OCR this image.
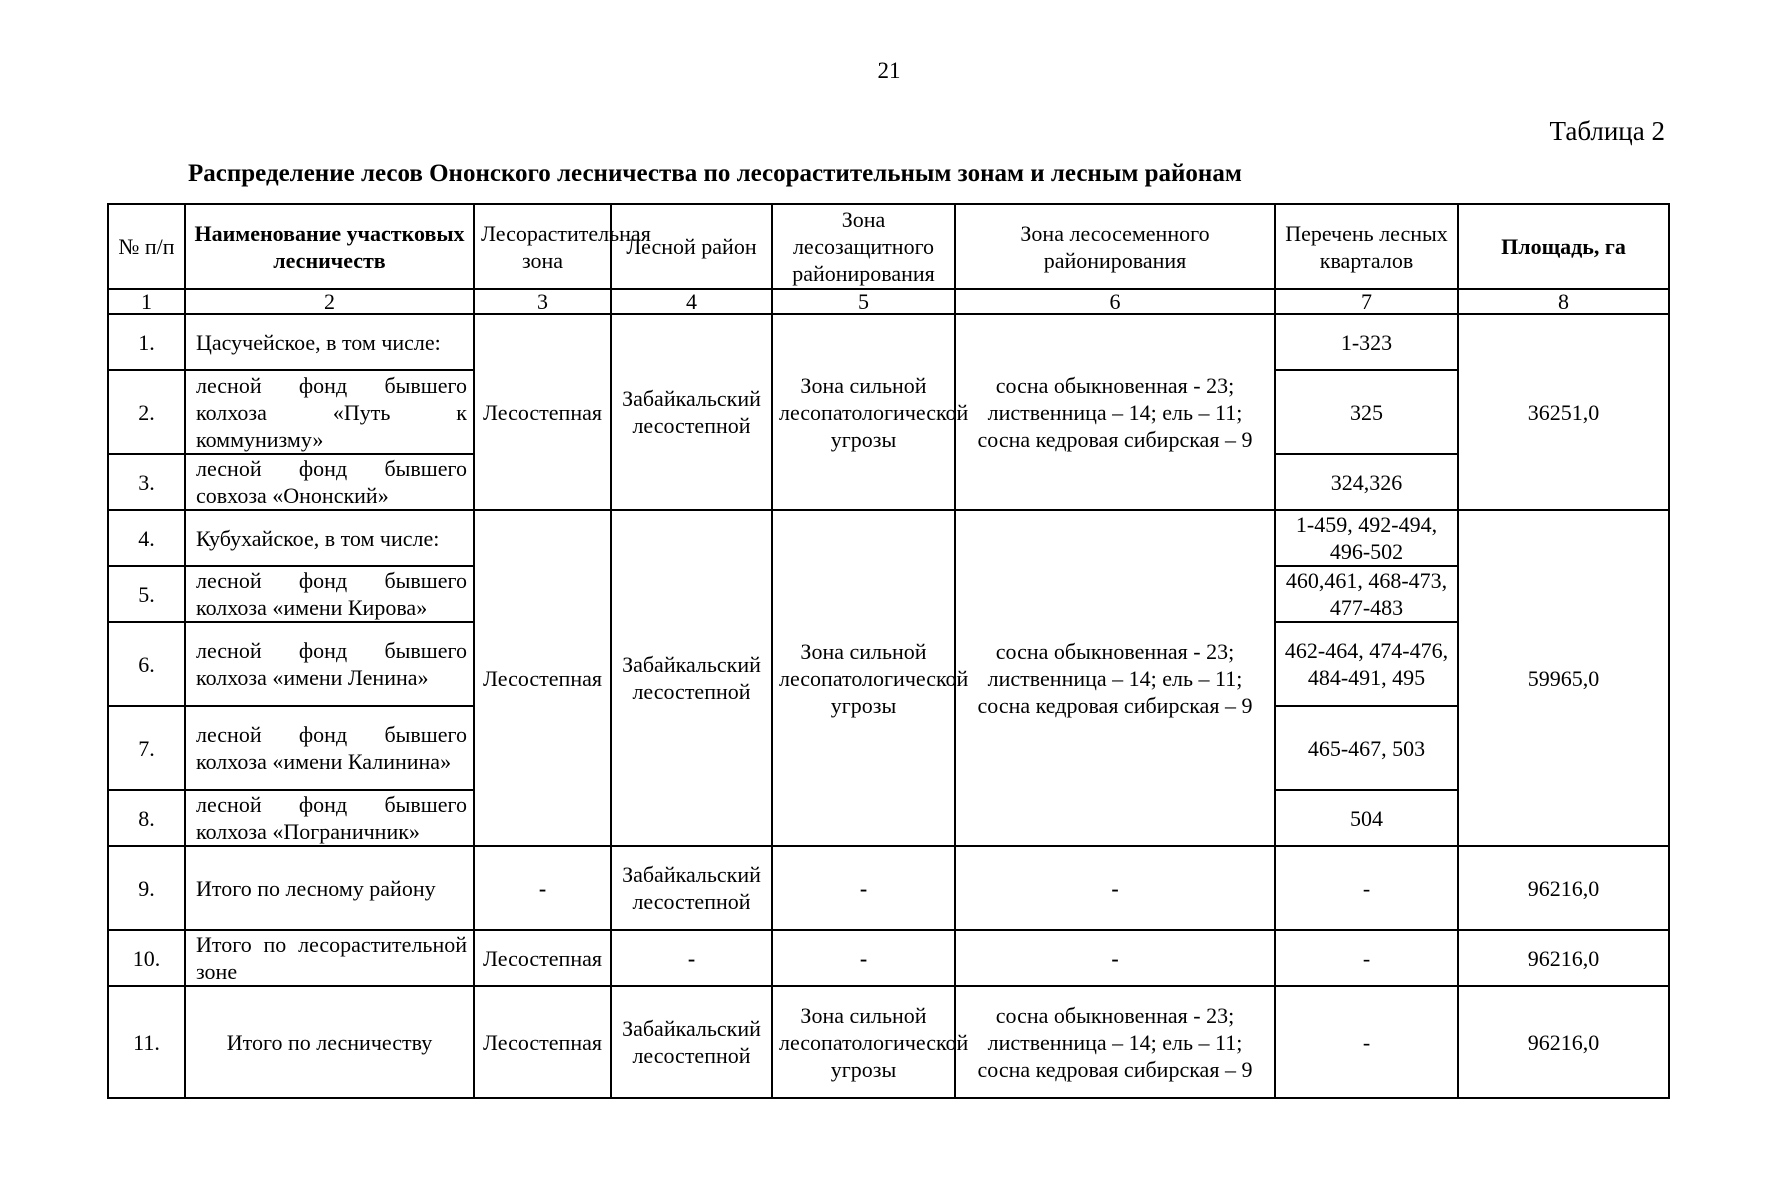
21
Таблица 2
Распределение лесов Ононского лесничества по лесорастительным зонам и лесным районам
№ п/п	Наименование участковых лесничеств	Лесорастительная зона	Лесной район	Зона лесозащитного районирования	Зона лесосеменного районирования	Перечень лесных кварталов	Площадь, га
1	2	3	4	5	6	7	8
1.	Цасучейское, в том числе:	Лесостепная	Забайкальский лесостепной	Зона сильной лесопатологической угрозы	сосна обыкновенная - 23; лиственница – 14; ель – 11; сосна кедровая сибирская – 9	1-323	36251,0
2.	лесной фонд бывшего колхоза «Путь к коммунизму»					325	
3.	лесной фонд бывшего совхоза «Ононский»					324,326	
4.	Кубухайское, в том числе:	Лесостепная	Забайкальский лесостепной	Зона сильной лесопатологической угрозы	сосна обыкновенная - 23; лиственница – 14; ель – 11; сосна кедровая сибирская – 9	1-459, 492-494, 496-502	59965,0
5.	лесной фонд бывшего колхоза «имени Кирова»					460,461, 468-473, 477-483	
6.	лесной фонд бывшего колхоза «имени Ленина»					462-464, 474-476, 484-491, 495	
7.	лесной фонд бывшего колхоза «имени Калинина»					465-467, 503	
8.	лесной фонд бывшего колхоза «Пограничник»					504	
9.	Итого по лесному району	-	Забайкальский лесостепной	-	-	-	96216,0
10.	Итого по лесорастительной зоне	Лесостепная	-	-	-	-	96216,0
11.	Итого по лесничеству	Лесостепная	Забайкальский лесостепной	Зона сильной лесопатологической угрозы	сосна обыкновенная - 23; лиственница – 14; ель – 11; сосна кедровая сибирская – 9	-	96216,0
